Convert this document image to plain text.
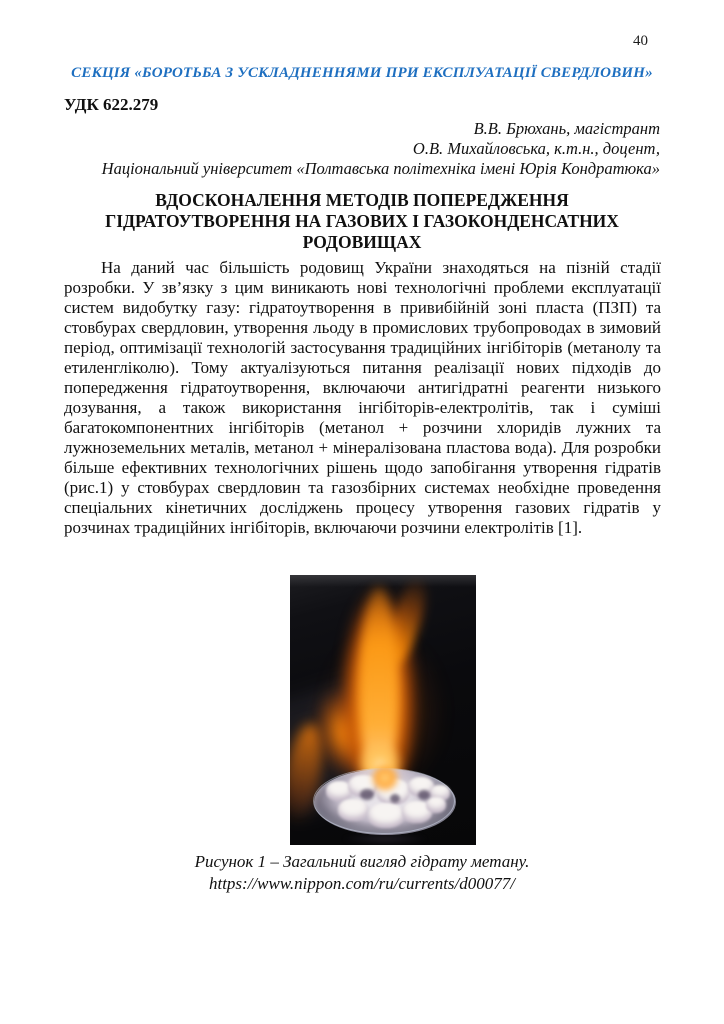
40
СЕКЦІЯ «БОРОТЬБА З УСКЛАДНЕННЯМИ ПРИ ЕКСПЛУАТАЦІЇ СВЕРДЛОВИН»
УДК 622.279
В.В. Брюхань, магістрант
О.В. Михайловська, к.т.н., доцент,
Національний університет «Полтавська політехніка імені Юрія Кондратюка»
ВДОСКОНАЛЕННЯ МЕТОДІВ ПОПЕРЕДЖЕННЯ
ГІДРАТОУТВОРЕННЯ НА ГАЗОВИХ І ГАЗОКОНДЕНСАТНИХ
РОДОВИЩАХ

На даний час більшість родовищ України знаходяться на пізній стадії розробки. У зв’язку з цим виникають нові технологічні проблеми експлуатації систем видобутку газу: гідратоутворення в привибійній зоні пласта (ПЗП) та стовбурах свердловин, утворення льоду в промислових трубопроводах в зимовий період, оптимізації технологій застосування традиційних інгібіторів (метанолу та етиленгліколю). Тому актуалізуються питання реалізації нових підходів до попередження гідратоутворення, включаючи антигідратні реагенти низького дозування, а також використання інгібіторів-електролітів, так і суміші багатокомпонентних інгібіторів (метанол + розчини хлоридів лужних та лужноземельних металів, метанол + мінералізована пластова вода). Для розробки більше ефективних технологічних рішень щодо запобігання утворення гідратів (рис.1) у стовбурах свердловин та газозбірних системах необхідне проведення спеціальних кінетичних досліджень процесу утворення газових гідратів у розчинах традиційних інгібіторів, включаючи розчини електролітів [1].

Рисунок 1 – Загальний вигляд гідрату метану.
https://www.nippon.com/ru/currents/d00077/
